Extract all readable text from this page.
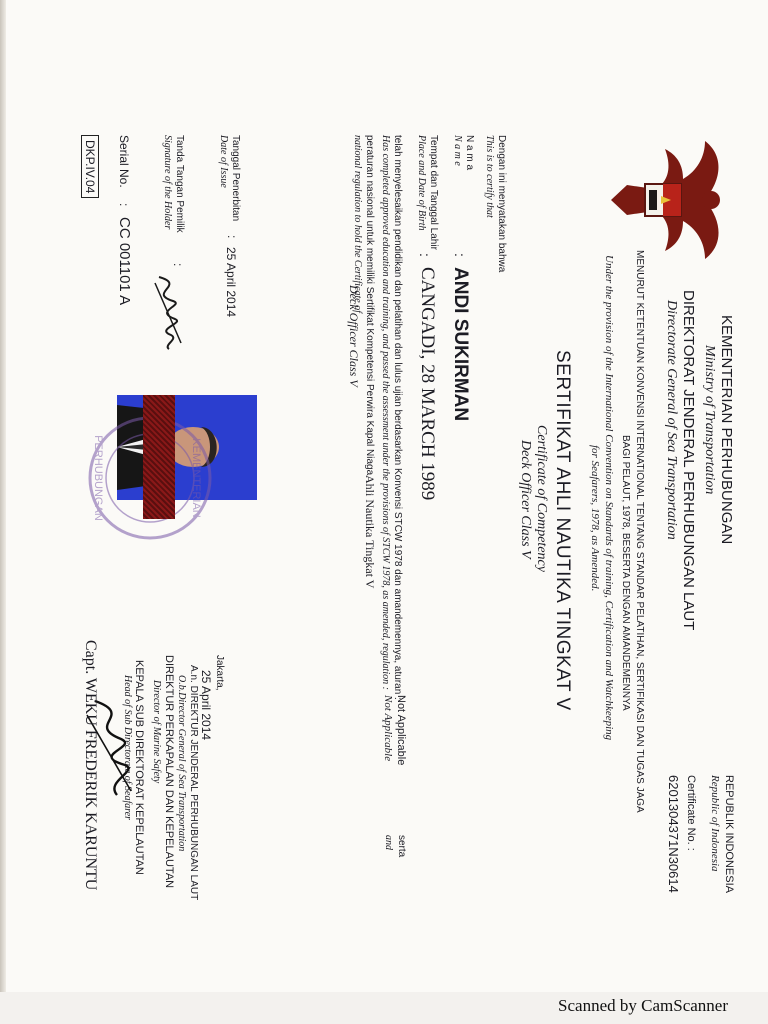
KEMENTERIAN PERHUBUNGAN
Ministry of Transportation
DIREKTORAT JENDERAL PERHUBUNGAN LAUT
Directorate General of Sea Transportation
REPUBLIK INDONESIA
Republic of Indonesia
Certificate No. :
6201304371N30614
MENURUT KETENTUAN KONVENSI INTERNATIONAL TENTANG STANDAR PELATIHAN, SERTIFIKASI DAN TUGAS JAGA
BAGI PELAUT, 1978, BESERTA DENGAN AMANDEMENNYA
Under the provision of the International Convention on Standards of training, Certification and Watchkeeping
for Seafarers, 1978, as Amended.
SERTIFIKAT AHLI NAUTIKA TINGKAT V
Certificate of Competency
Deck Officer Class V
Dengan ini menyatakan bahwa
This is to certify that
N a m a
N a m e
:
ANDI SUKIRMAN
Tempat dan Tanggal Lahir
Place and Date of Birth
:
CANGADI, 28 MARCH 1989
telah menyelesaikan pendidikan dan pelatihan dan lulus ujian berdasarkan Konvensi STCW 1978 dan amandemennya, aturan :
Not Applicable
serta
Has completed approved education and training, and passed the assessment under the provisions of STCW 1978, as amended, regulation :
Not Applicable
and
peraturan nasional untuk memiliki Sertifikat Kompetensi Perwira Kapal Niaga
Ahli Nautika Tingkat V
national regulation to hold the Certificate of
Deck Officer Class V
Tanggal Penerbitan
Date of Issue
:
25 April 2014
Tanda Tangan Pemilik
Signature of the Holder
:
Serial No.
:
CC 001101 A
DKP.IV.04
KEMENTERIAN
PERHUBUNGAN
Jakarta,
25 April 2014
A.n. DIREKTUR JENDERAL PERHUBUNGAN LAUT
O.b.Director General of Sea Transportation
DIREKTUR PERKAPALAN DAN KEPELAUTAN
Director of Marine Safety
KEPALA SUB DIREKTORAT KEPELAUTAN
Head of Sub Directorate of Seafarer
Capt. WEKU FREDERIK KARUNTU
Scanned by CamScanner
